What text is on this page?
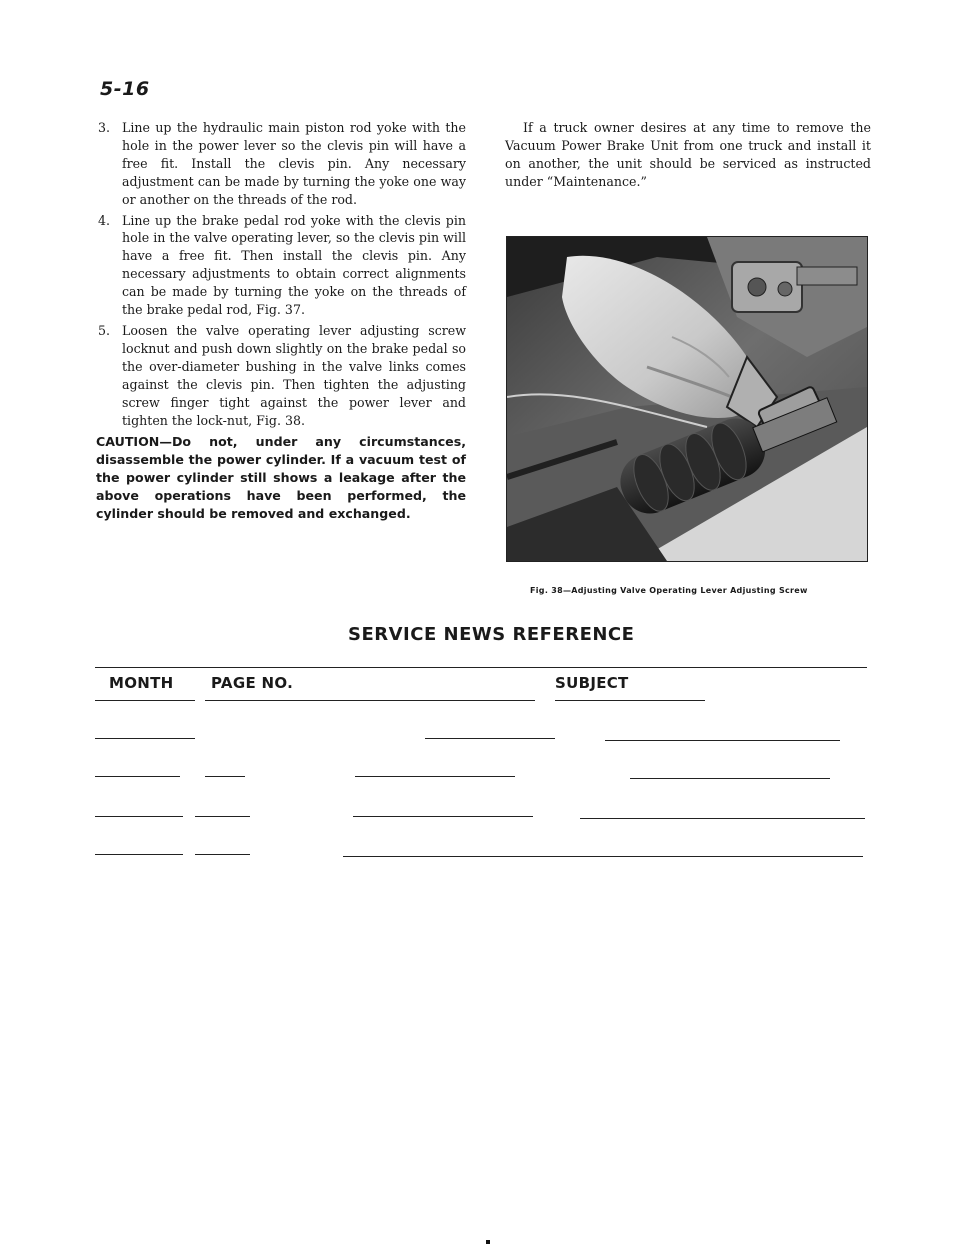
5-16
3. Line up the hydraulic main piston rod yoke with the hole in the power lever so the clevis pin will have a free fit. Install the clevis pin. Any necessary adjustment can be made by turning the yoke one way or another on the threads of the rod.
4. Line up the brake pedal rod yoke with the clevis pin hole in the valve operating lever, so the clevis pin will have a free fit. Then install the clevis pin. Any necessary adjustments to obtain correct alignments can be made by turning the yoke on the threads of the brake pedal rod, Fig. 37.
5. Loosen the valve operating lever adjusting screw locknut and push down slightly on the brake pedal so the over-diameter bushing in the valve links comes against the clevis pin. Then tighten the adjusting screw finger tight against the power lever and tighten the lock-nut, Fig. 38.
CAUTION—Do not, under any circumstances, disassemble the power cylinder. If a vacuum test of the power cylinder still shows a leakage after the above operations have been performed, the cylinder should be removed and exchanged.
If a truck owner desires at any time to remove the Vacuum Power Brake Unit from one truck and install it on another, the unit should be serviced as instructed under “Maintenance.”
Fig. 38—Adjusting Valve Operating Lever Adjusting Screw
SERVICE NEWS REFERENCE
MONTH PAGE NO.	SUBJECT
